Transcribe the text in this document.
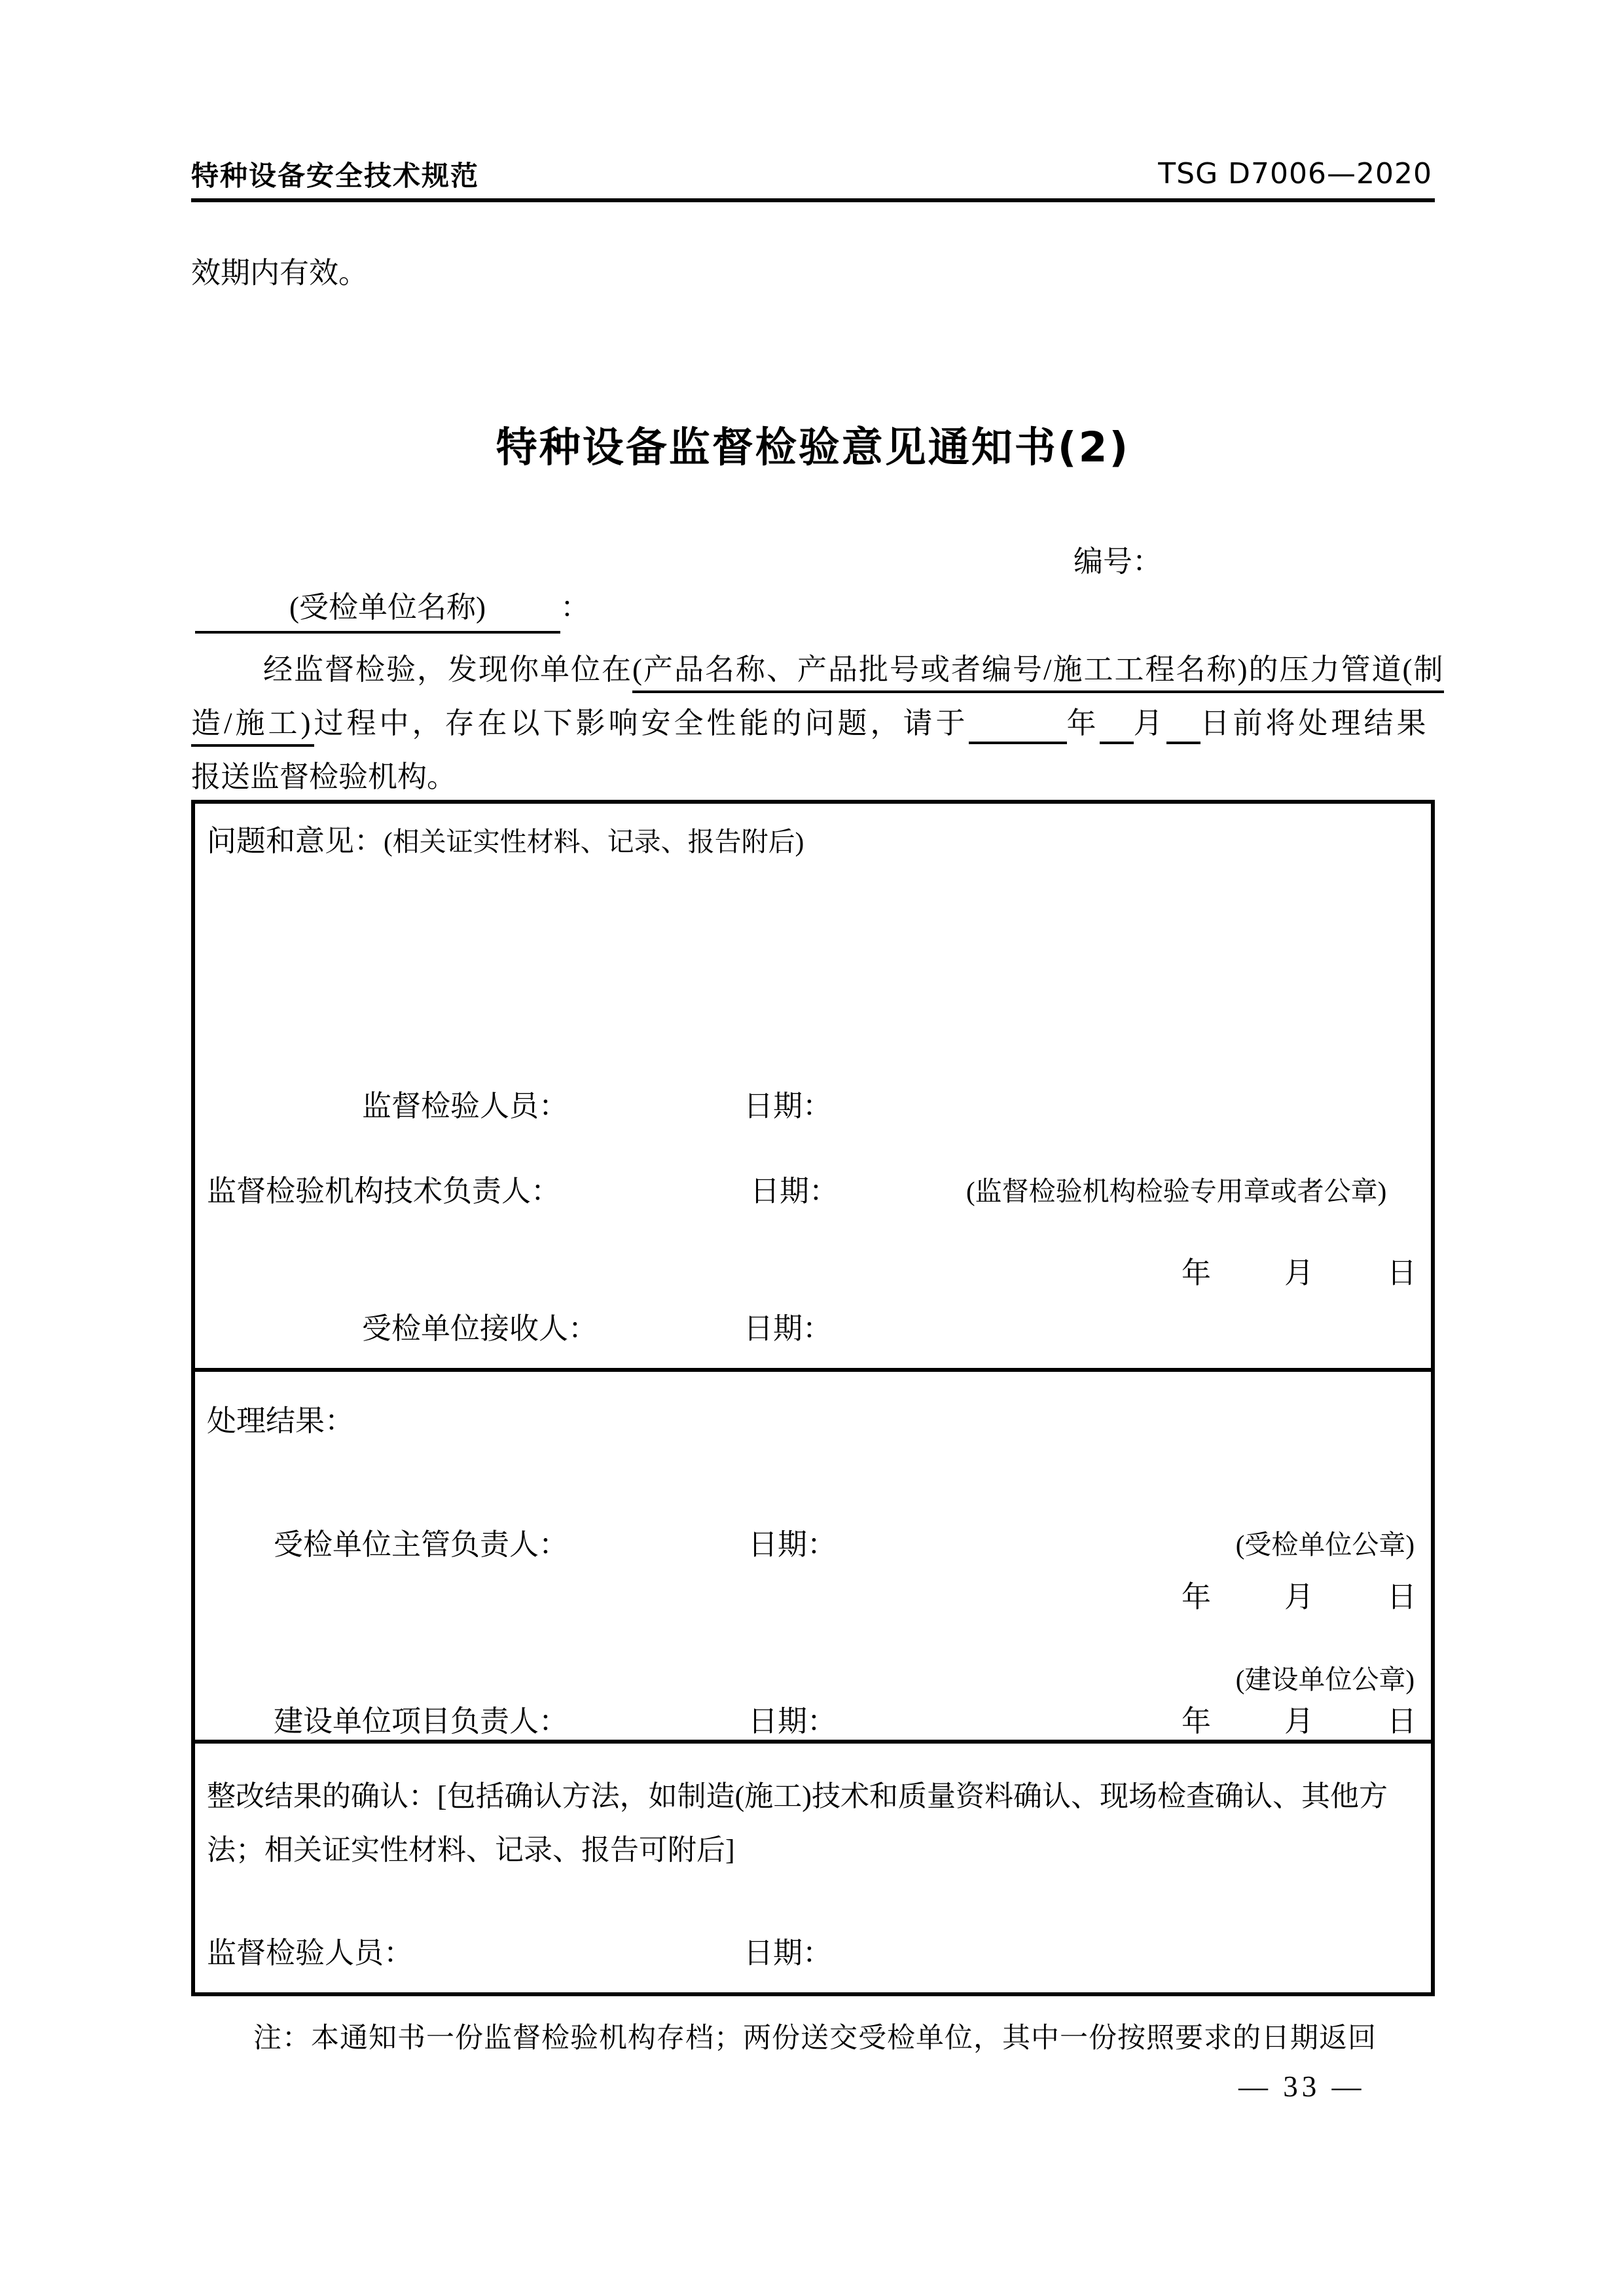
特种设备安全技术规范	TSG D7006—2020
效期内有效。
特种设备监督检验意见通知书(2)
编号：
(受检单位名称)	：
经监督检验，发现你单位在(产品名称、产品批号或者编号/施工工程名称)的压力管道(制
造/施工)过程中，存在以下影响安全性能的问题，请于	年 月 日前将处理结果
报送监督检验机构。
问题和意见：(相关证实性材料、记录、报告附后)
监督检验人员：	日期：
监督检验机构技术负责人：	日期：	(监督检验机构检验专用章或者公章)
年 月 日
受检单位接收人：	日期：
处理结果：
受检单位主管负责人：	日期：	(受检单位公章)
年 月 日
(建设单位公章)
建设单位项目负责人：	日期：	年 月 日
整改结果的确认：[包括确认方法，如制造(施工)技术和质量资料确认、现场检查确认、其他方法；相关证实性材料、记录、报告可附后]
监督检验人员：	日期：
注：本通知书一份监督检验机构存档；两份送交受检单位，其中一份按照要求的日期返回
— 33 —
